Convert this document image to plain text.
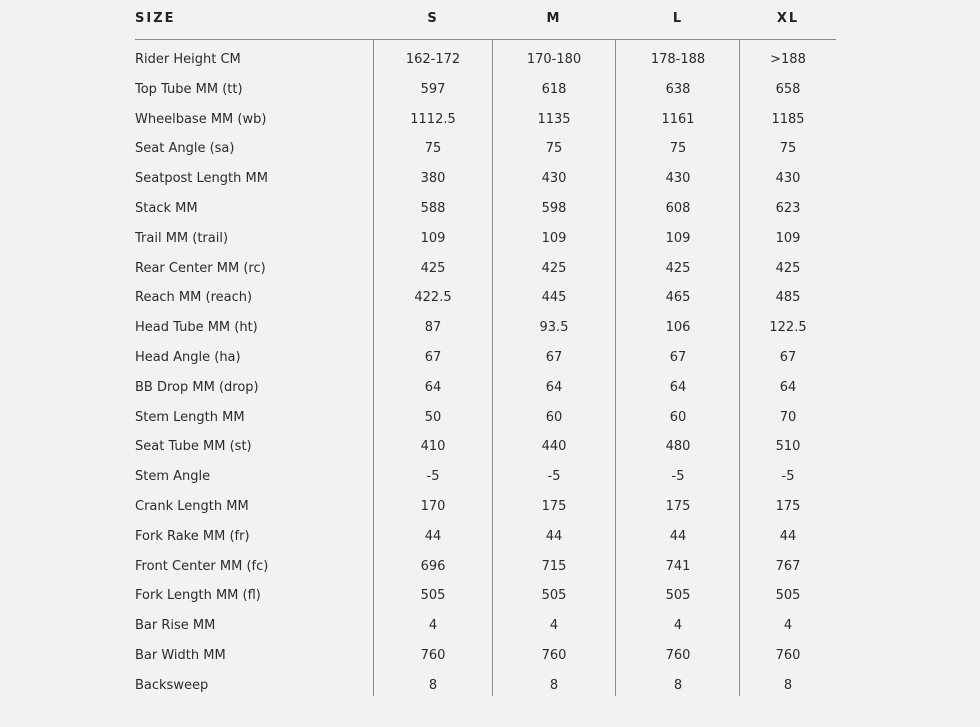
SIZE	S	M	L	XL
Rider Height CM	162-172	170-180	178-188	>188
Top Tube MM (tt)	597	618	638	658
Wheelbase MM (wb)	1112.5	1135	1161	1185
Seat Angle (sa)	75	75	75	75
Seatpost Length MM	380	430	430	430
Stack MM	588	598	608	623
Trail MM (trail)	109	109	109	109
Rear Center MM (rc)	425	425	425	425
Reach MM (reach)	422.5	445	465	485
Head Tube MM (ht)	87	93.5	106	122.5
Head Angle (ha)	67	67	67	67
BB Drop MM (drop)	64	64	64	64
Stem Length MM	50	60	60	70
Seat Tube MM (st)	410	440	480	510
Stem Angle	-5	-5	-5	-5
Crank Length MM	170	175	175	175
Fork Rake MM (fr)	44	44	44	44
Front Center MM (fc)	696	715	741	767
Fork Length MM (fl)	505	505	505	505
Bar Rise MM	4	4	4	4
Bar Width MM	760	760	760	760
Backsweep	8	8	8	8
